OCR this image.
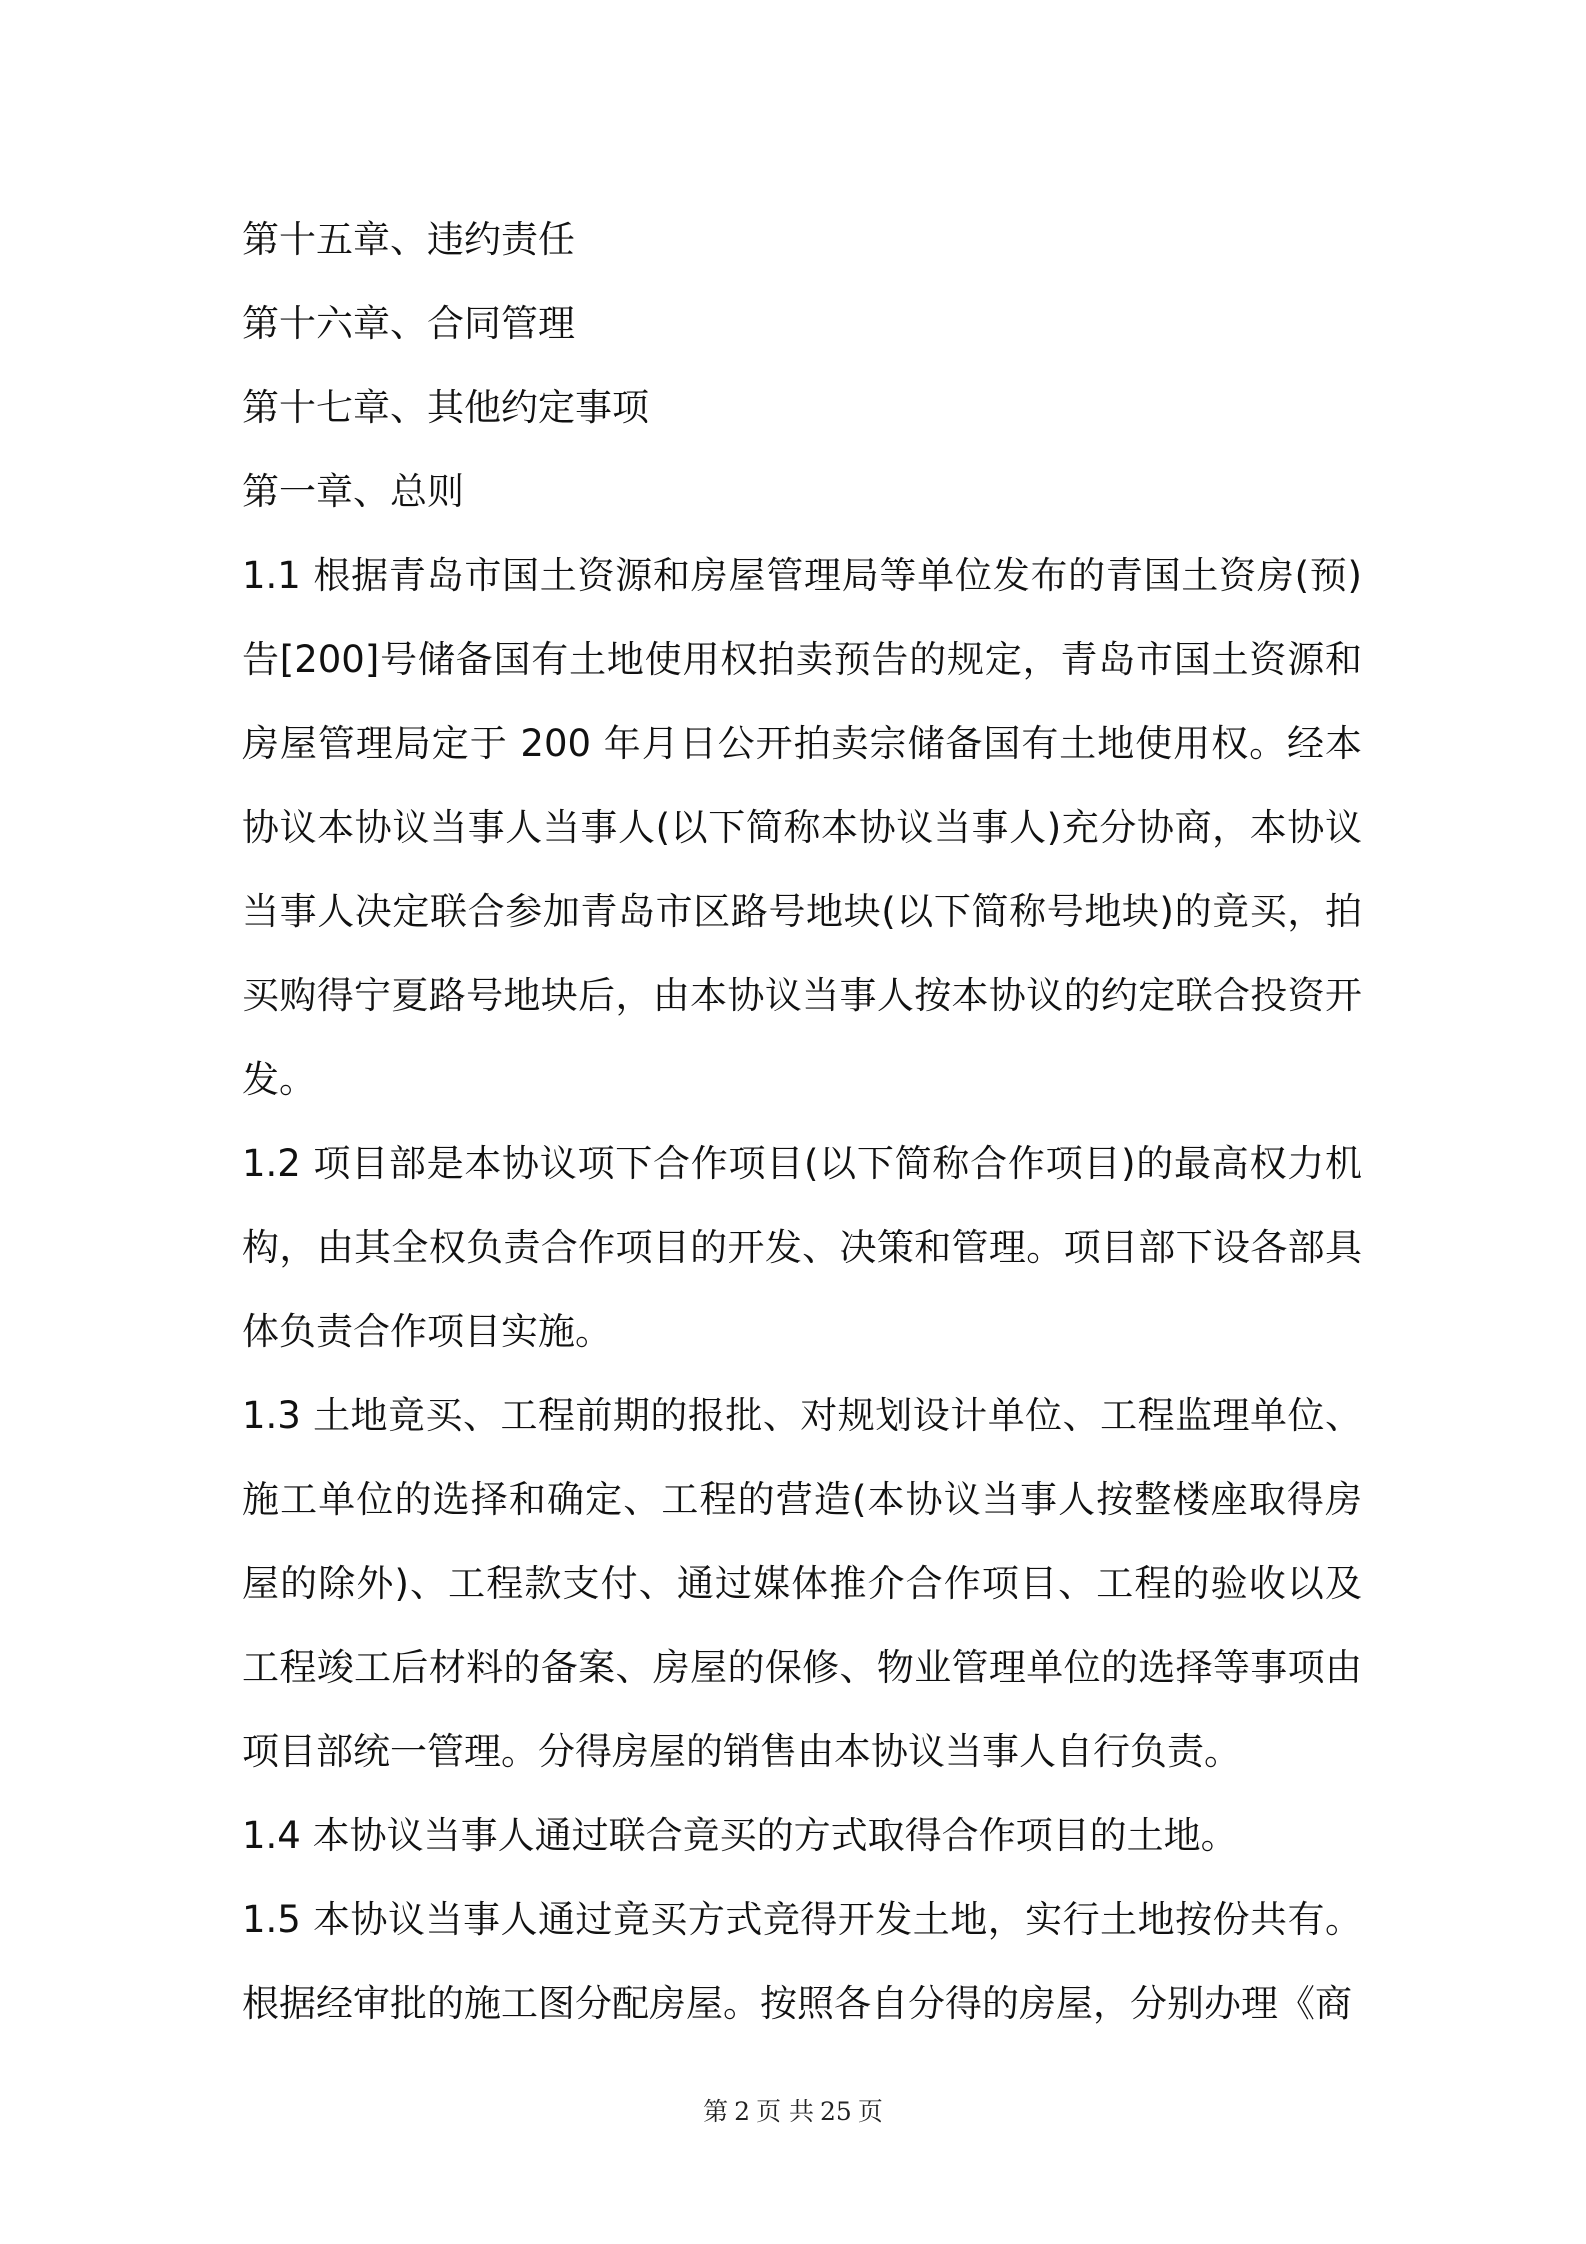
第十五章、违约责任

第十六章、合同管理

第十七章、其他约定事项

第一章、总则

1.1 根据青岛市国土资源和房屋管理局等单位发布的青国土资房(预)告[200]号储备国有土地使用权拍卖预告的规定，青岛市国土资源和房屋管理局定于 200 年月日公开拍卖宗储备国有土地使用权。经本协议本协议当事人当事人(以下简称本协议当事人)充分协商，本协议当事人决定联合参加青岛市区路号地块(以下简称号地块)的竟买，拍买购得宁夏路号地块后，由本协议当事人按本协议的约定联合投资开发。

1.2 项目部是本协议项下合作项目(以下简称合作项目)的最高权力机构，由其全权负责合作项目的开发、决策和管理。项目部下设各部具体负责合作项目实施。

1.3 土地竟买、工程前期的报批、对规划设计单位、工程监理单位、施工单位的选择和确定、工程的营造(本协议当事人按整楼座取得房屋的除外)、工程款支付、通过媒体推介合作项目、工程的验收以及工程竣工后材料的备案、房屋的保修、物业管理单位的选择等事项由项目部统一管理。分得房屋的销售由本协议当事人自行负责。

1.4 本协议当事人通过联合竟买的方式取得合作项目的土地。

1.5 本协议当事人通过竟买方式竞得开发土地，实行土地按份共有。根据经审批的施工图分配房屋。按照各自分得的房屋，分别办理《商

第 2 页 共 25 页
